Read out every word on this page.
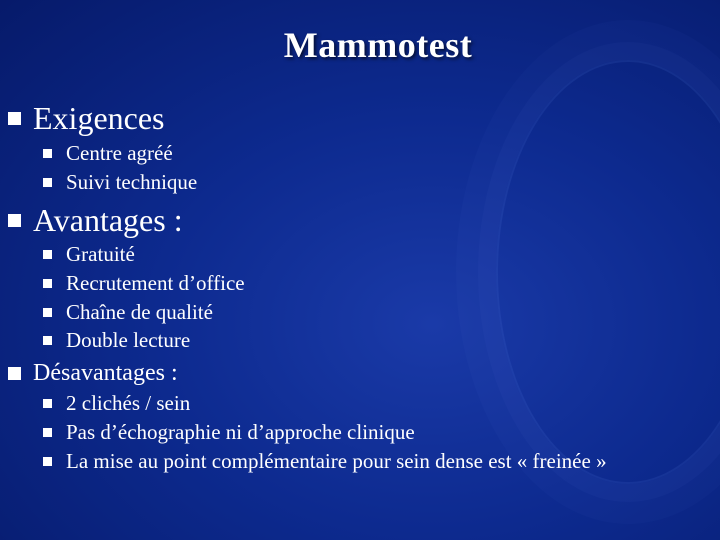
Mammotest
Exigences
Centre agréé
Suivi technique
Avantages :
Gratuité
Recrutement d’office
Chaîne de qualité
Double lecture
Désavantages :
2 clichés / sein
Pas d’échographie ni d’approche clinique
La mise au point complémentaire pour sein dense est « freinée »
